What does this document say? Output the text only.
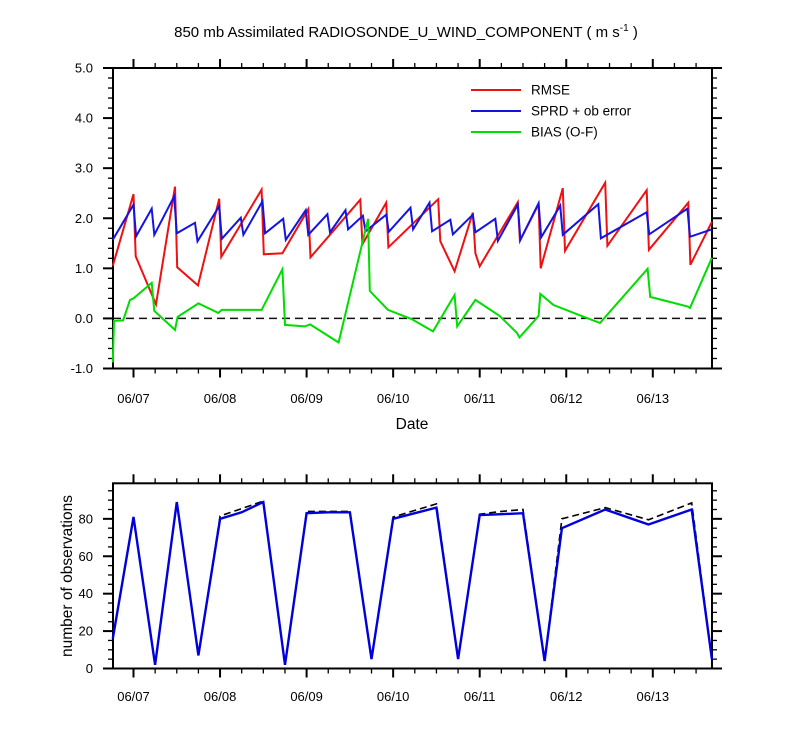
850 mb Assimilated RADIOSONDE_U_WIND_COMPONENT ( m $s^{-1}$ )
5.0
4.0
3.0
2.0
1.0
0.0
-1.0
06/07	06/08	06/09	06/10	06/11	06/12	06/13
0
20
40
60
80
06/07	06/08	06/09	06/10	06/11	06/12	06/13
RMSE
SPRD + ob error
BIAS (O-F)
Date
number of observations
